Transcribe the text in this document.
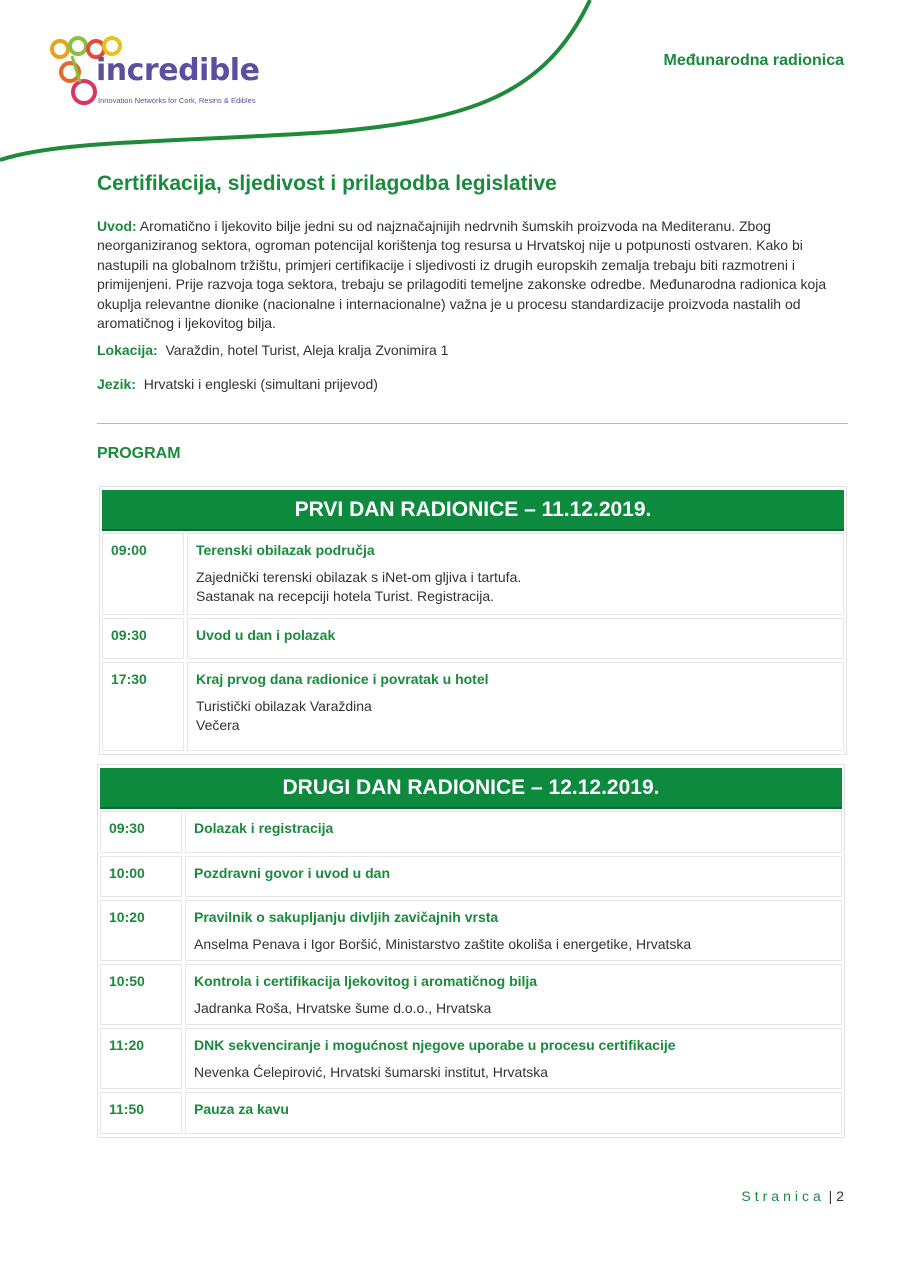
incredible
Innovation Networks for Cork, Resins & Edibles
Međunarodna radionica
Certifikacija, sljedivost i prilagodba legislative

Uvod: Aromatično i ljekovito bilje jedni su od najznačajnijih nedrvnih šumskih proizvoda na Mediteranu. Zbog neorganiziranog sektora, ogroman potencijal korištenja tog resursa u Hrvatskoj nije u potpunosti ostvaren. Kako bi nastupili na globalnom tržištu, primjeri certifikacije i sljedivosti iz drugih europskih zemalja trebaju biti razmotreni i primijenjeni. Prije razvoja toga sektora, trebaju se prilagoditi temeljne zakonske odredbe. Međunarodna radionica koja okuplja relevantne dionike (nacionalne i internacionalne) važna je u procesu standardizacije proizvoda nastalih od aromatičnog i ljekovitog bilja.

Lokacija: Varaždin, hotel Turist, Aleja kralja Zvonimira 1

Jezik: Hrvatski i engleski (simultani prijevod)

PROGRAM
PRVI DAN RADIONICE – 11.12.2019.
09:00	Terenski obilazak područja
Zajednički terenski obilazak s iNet-om gljiva i tartufa.
Sastanak na recepciji hotela Turist. Registracija.
09:30	Uvod u dan i polazak
17:30	Kraj prvog dana radionice i povratak u hotel
Turistički obilazak Varaždina
Večera
DRUGI DAN RADIONICE – 12.12.2019.
09:30	Dolazak i registracija
10:00	Pozdravni govor i uvod u dan
10:20	Pravilnik o sakupljanju divljih zavičajnih vrsta
Anselma Penava i Igor Boršić, Ministarstvo zaštite okoliša i energetike, Hrvatska
10:50	Kontrola i certifikacija ljekovitog i aromatičnog bilja
Jadranka Roša, Hrvatske šume d.o.o., Hrvatska
11:20	DNK sekvenciranje i mogućnost njegove uporabe u procesu certifikacije
Nevenka Ćelepirović, Hrvatski šumarski institut, Hrvatska
11:50	Pauza za kavu
Stranica | 2
